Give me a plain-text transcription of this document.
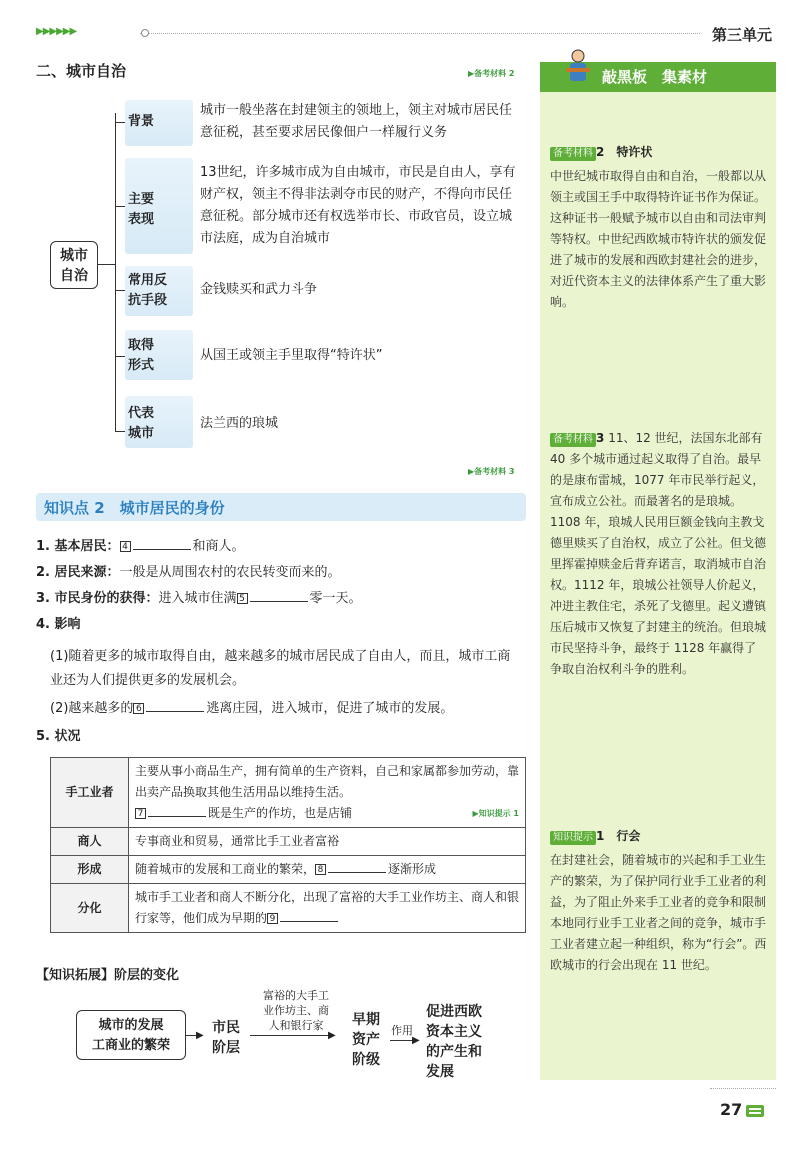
▶▶▶▶▶▶	第三单元
二、城市自治	▶备考材料 2
城市
自治
背景
城市一般坐落在封建领主的领地上，领主对城市居民任意征税，甚至要求居民像佃户一样履行义务
主要
表现
13世纪，许多城市成为自由城市，市民是自由人，享有财产权，领主不得非法剥夺市民的财产，不得向市民任意征税。部分城市还有权选举市长、市政官员，设立城市法庭，成为自治城市
常用反
抗手段
金钱赎买和武力斗争
取得
形式
从国王或领主手里取得“特许状”
代表
城市
法兰西的琅城
▶备考材料 3
知识点 2　城市居民的身份
1. 基本居民： 4	和商人。
2. 居民来源：一般是从周围农村的农民转变而来的。
3. 市民身份的获得：进入城市住满 5	零一天。
4. 影响
(1)随着更多的城市取得自由，越来越多的城市居民成了自由人，而且，城市工商业还为人们提供更多的发展机会。
(2)越来越多的 6	逃离庄园，进入城市，促进了城市的发展。
5. 状况
手工业者	主要从事小商品生产，拥有简单的生产资料，自己和家属都参加劳动，靠出卖产品换取其他生活用品以维持生活。
7 既是生产的作坊，也是店铺 ▶知识提示 1

商人	专事商业和贸易，通常比手工业者富裕
形成	随着城市的发展和工商业的繁荣， 8 逐渐形成
分化	城市手工业者和商人不断分化，出现了富裕的大手工业作坊主、商人和银行家等，他们成为早期的 9
【知识拓展】阶层的变化
城市的发展
工商业的繁荣
▶ 市民
阶层
▶
富裕的大手工
业作坊主、商
人和银行家	早期
资产
阶级
作用
▶
促进西欧
资本主义
的产生和
发展
敲黑板　集素材
备考材料 2　 特许状
中世纪城市取得自由和自治，一般都以从领主或国王手中取得特许证书作为保证。这种证书一般赋予城市以自由和司法审判等特权。中世纪西欧城市特许状的颁发促进了城市的发展和西欧封建社会的进步，对近代资本主义的法律体系产生了重大影响。
备考材料 3 11、12 世纪，法国东北部有 40 多个城市通过起义取得了自治。最早的是康布雷城，1077 年市民举行起义，宣布成立公社。而最著名的是琅城。1108 年，琅城人民用巨额金钱向主教戈德里赎买了自治权，成立了公社。但戈德里挥霍掉赎金后背弃诺言，取消城市自治权。1112 年，琅城公社领导人价起义，冲进主教住宅，杀死了戈德里。起义遭镇压后城市又恢复了封建主的统治。但琅城市民坚持斗争，最终于 1128 年赢得了争取自治权利斗争的胜利。
知识提示 1　 行会
在封建社会，随着城市的兴起和手工业生产的繁荣，为了保护同行业手工业者的利益，为了阻止外来手工业者的竞争和限制本地同行业手工业者之间的竞争，城市手工业者建立起一种组织，称为“行会”。西欧城市的行会出现在 11 世纪。
27
